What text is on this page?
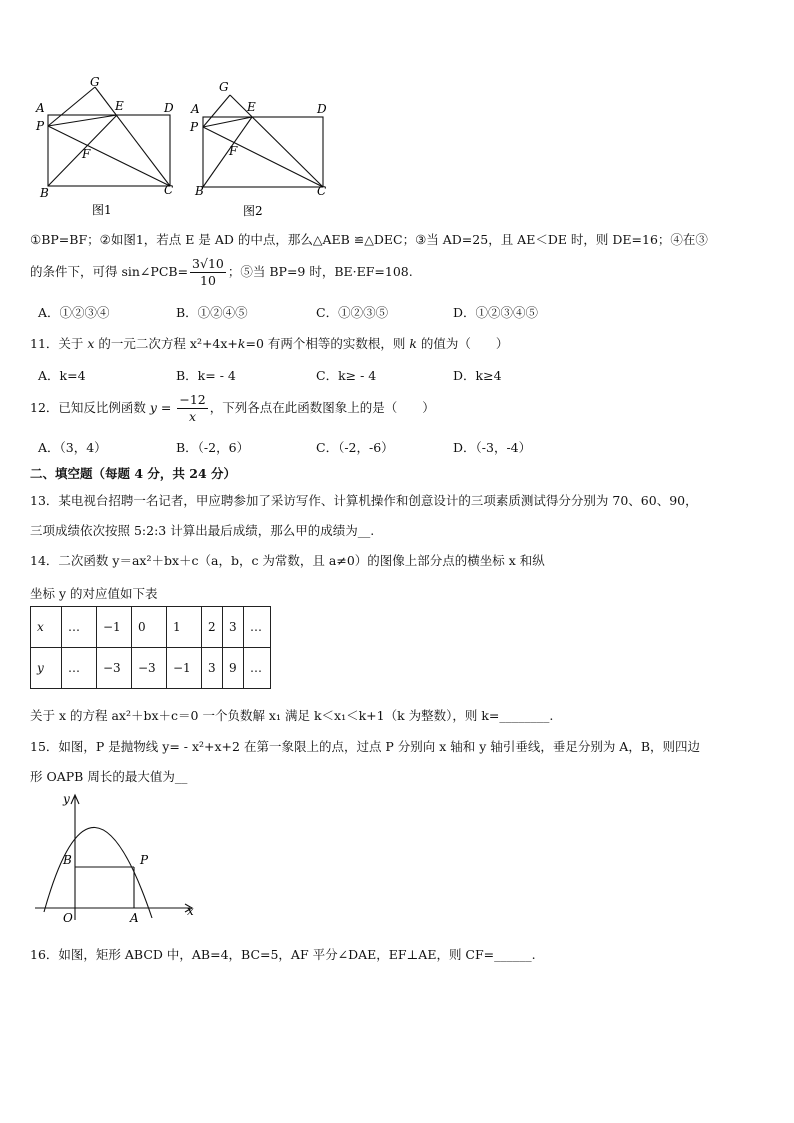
G
A	E	D
P
F
B	C
图1
G
A	E	D
P
F
B	C
图2
①BP=BF；②如图1，若点 E 是 AD 的中点，那么△AEB ≌△DEC；③当 AD=25，且 AE＜DE 时，则 DE=16；④在③
的条件下，可得 sin∠PCB= $\frac{3√10}{10}$ ；⑤当 BP=9 时，BE·EF=108.
A．①②③④	B．①②④⑤	C．①②③⑤	D．①②③④⑤
11．关于 x 的一元二次方程 x²+4x+k=0 有两个相等的实数根，则 k 的值为（　　）
A．k=4	B．k= - 4	C．k≥ - 4	D．k≥4
12．已知反比例函数 $y = \frac{-12}{x}$ ，下列各点在此函数图象上的是（　　）
A．（3，4）	B．（-2，6）	C．（-2，-6）	D．（-3，-4）
二、填空题（每题 4 分，共 24 分）
13．某电视台招聘一名记者，甲应聘参加了采访写作、计算机操作和创意设计的三项素质测试得分分别为 70、60、90，
三项成绩依次按照 5:2:3 计算出最后成绩，那么甲的成绩为__.
14．二次函数 y＝ax²＋bx＋c（a，b，c 为常数，且 a≠0）的图像上部分点的横坐标 x 和纵
坐标 y 的对应值如下表
x	…	−1	0	1	2	3	…
y	…	−3	−3	−1	3	9	…
关于 x 的方程 ax²＋bx＋c＝0 一个负数解 x₁ 满足 k＜x₁＜k+1（k 为整数），则 k=________.
15．如图，P 是抛物线 y= - x²+x+2 在第一象限上的点，过点 P 分别向 x 轴和 y 轴引垂线，垂足分别为 A，B，则四边
形 OAPB 周长的最大值为__
y
B	P
O	A	x
16．如图，矩形 ABCD 中，AB=4，BC=5，AF 平分∠DAE，EF⊥AE，则 CF=______.
